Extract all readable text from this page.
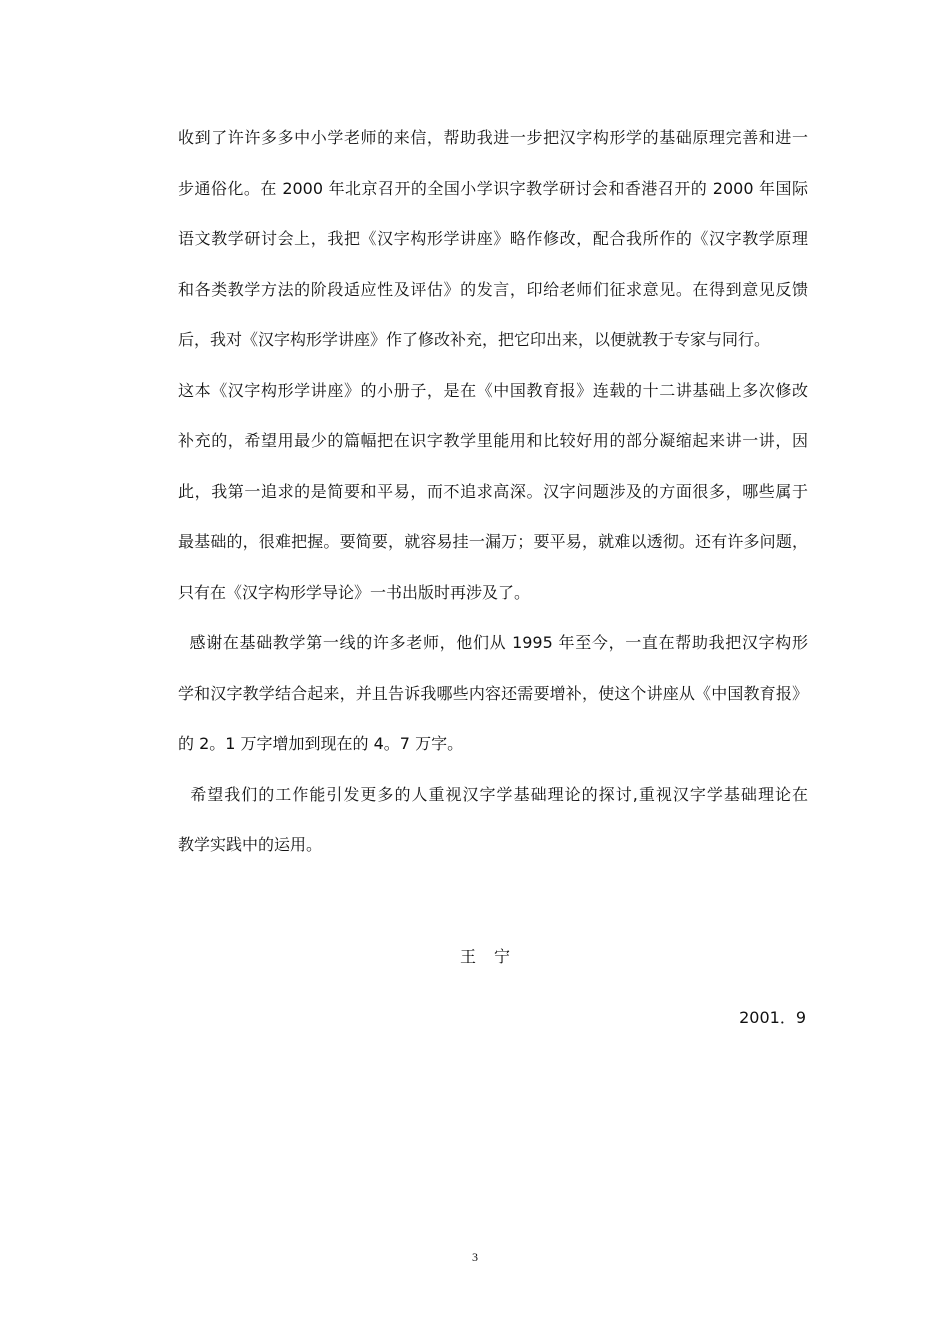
收到了许许多多中小学老师的来信，帮助我进一步把汉字构形学的基础原理完善和进一
步通俗化。在 2000 年北京召开的全国小学识字教学研讨会和香港召开的 2000 年国际
语文教学研讨会上，我把《汉字构形学讲座》略作修改，配合我所作的《汉字教学原理
和各类教学方法的阶段适应性及评估》的发言，印给老师们征求意见。在得到意见反馈
后，我对《汉字构形学讲座》作了修改补充，把它印出来，以便就教于专家与同行。
这本《汉字构形学讲座》的小册子，是在《中国教育报》连载的十二讲基础上多次修改
补充的，希望用最少的篇幅把在识字教学里能用和比较好用的部分凝缩起来讲一讲，因
此，我第一追求的是简要和平易，而不追求高深。汉字问题涉及的方面很多，哪些属于
最基础的，很难把握。要简要，就容易挂一漏万；要平易，就难以透彻。还有许多问题，
只有在《汉字构形学导论》一书出版时再涉及了。
感谢在基础教学第一线的许多老师，他们从 1995 年至今，一直在帮助我把汉字构形
学和汉字教学结合起来，并且告诉我哪些内容还需要增补，使这个讲座从《中国教育报》
的 2。1 万字增加到现在的 4。7 万字。
希望我们的工作能引发更多的人重视汉字学基础理论的探讨,重视汉字学基础理论在
教学实践中的运用。
王宁
2001．9
3
